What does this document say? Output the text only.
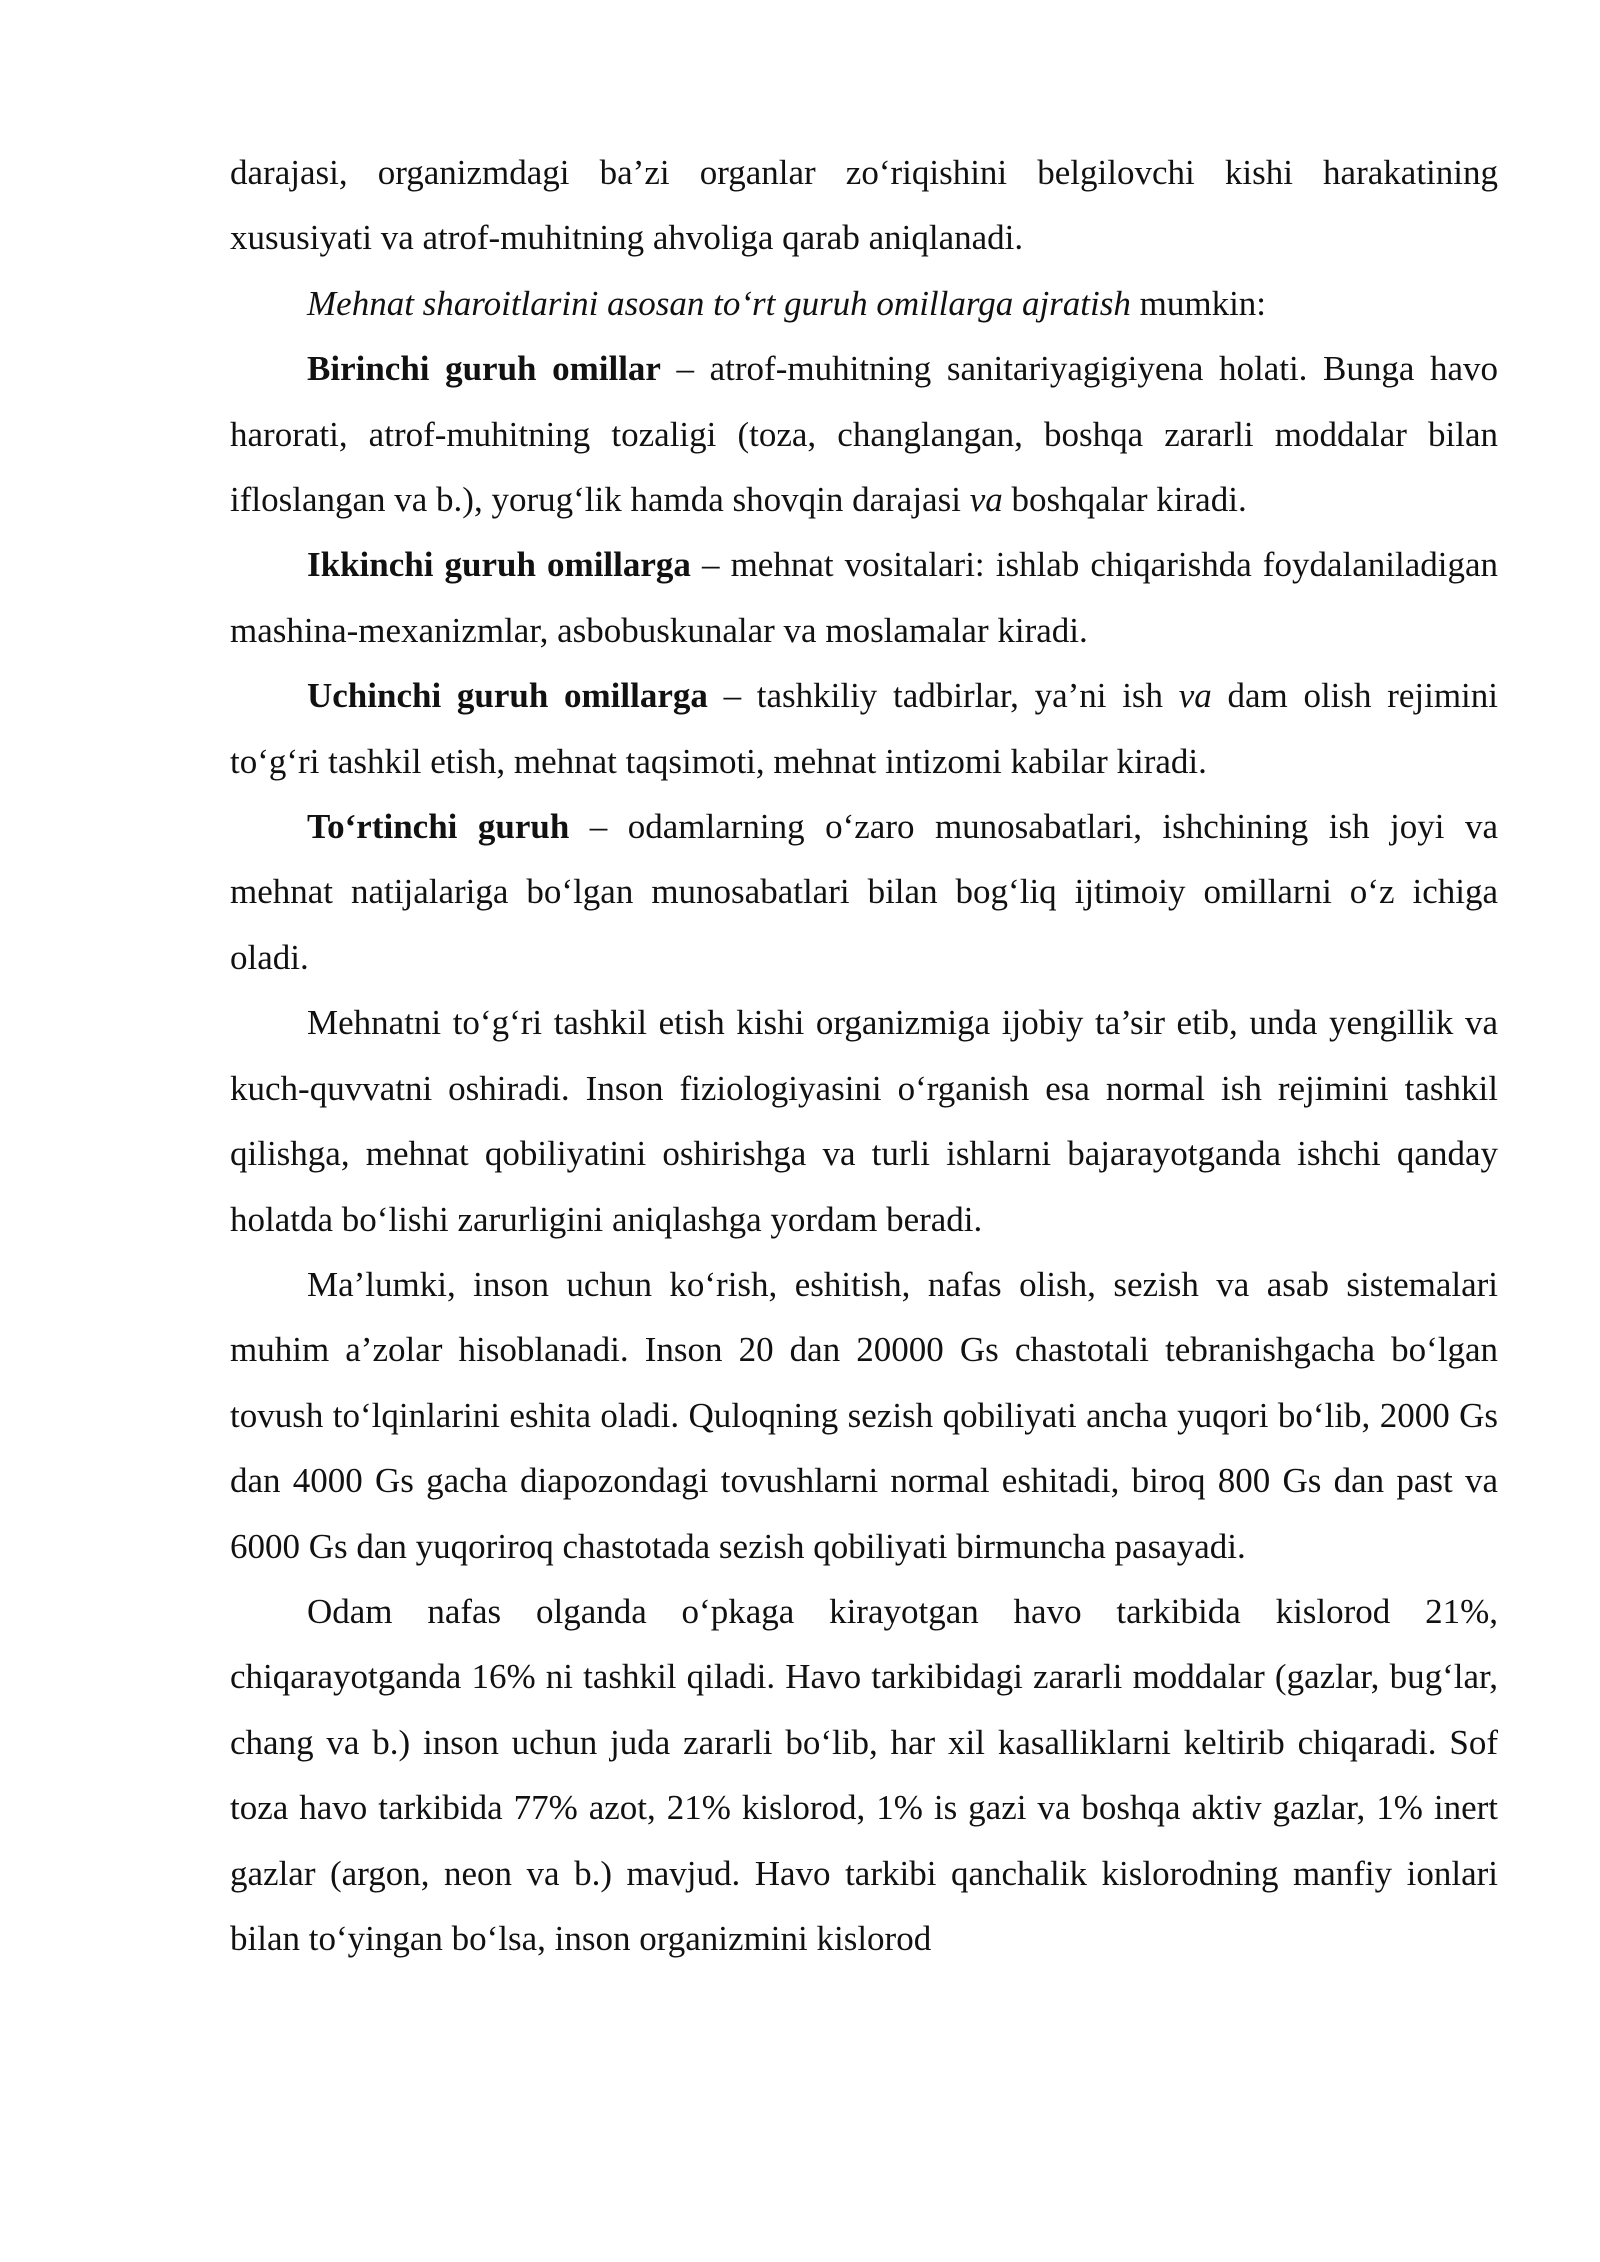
darajasi, organizmdagi ba’zi organlar zo‘riqishini belgilovchi kishi harakatining xususiyati va atrof-muhitning ahvoliga qarab aniqlanadi.

Mehnat sharoitlarini asosan to‘rt guruh omillarga ajratish mumkin:

Birinchi guruh omillar – atrof-muhitning sanitariyagigiyena holati. Bunga havo harorati, atrof-muhitning tozaligi (toza, changlangan, boshqa zararli moddalar bilan ifloslangan va b.), yorug‘lik hamda shovqin darajasi va boshqalar kiradi.

Ikkinchi guruh omillarga – mehnat vositalari: ishlab chiqarishda foydalaniladigan mashina-mexanizmlar, asbobuskunalar va moslamalar kiradi.

Uchinchi guruh omillarga – tashkiliy tadbirlar, ya’ni ish va dam olish rejimini to‘g‘ri tashkil etish, mehnat taqsimoti, mehnat intizomi kabilar kiradi.

To‘rtinchi guruh – odamlarning o‘zaro munosabatlari, ishchining ish joyi va mehnat natijalariga bo‘lgan munosabatlari bilan bog‘liq ijtimoiy omillarni o‘z ichiga oladi.

Mehnatni to‘g‘ri tashkil etish kishi organizmiga ijobiy ta’sir etib, unda yengillik va kuch-quvvatni oshiradi. Inson fiziologiyasini o‘rganish esa normal ish rejimini tashkil qilishga, mehnat qobiliyatini oshirishga va turli ishlarni bajarayotganda ishchi qanday holatda bo‘lishi zarurligini aniqlashga yordam beradi.

Ma’lumki, inson uchun ko‘rish, eshitish, nafas olish, sezish va asab sistemalari muhim a’zolar hisoblanadi. Inson 20 dan 20000 Gs chastotali tebranishgacha bo‘lgan tovush to‘lqinlarini eshita oladi. Quloqning sezish qobiliyati ancha yuqori bo‘lib, 2000 Gs dan 4000 Gs gacha diapozondagi tovushlarni normal eshitadi, biroq 800 Gs dan past va 6000 Gs dan yuqoriroq chastotada sezish qobiliyati birmuncha pasayadi.

Odam nafas olganda o‘pkaga kirayotgan havo tarkibida kislorod 21%, chiqarayotganda 16% ni tashkil qiladi. Havo tarkibidagi zararli moddalar (gazlar, bug‘lar, chang va b.) inson uchun juda zararli bo‘lib, har xil kasalliklarni keltirib chiqaradi. Sof toza havo tarkibida 77% azot, 21% kislorod, 1% is gazi va boshqa aktiv gazlar, 1% inert gazlar (argon, neon va b.) mavjud. Havo tarkibi qanchalik kislorodning manfiy ionlari bilan to‘yingan bo‘lsa, inson organizmini kislorod
